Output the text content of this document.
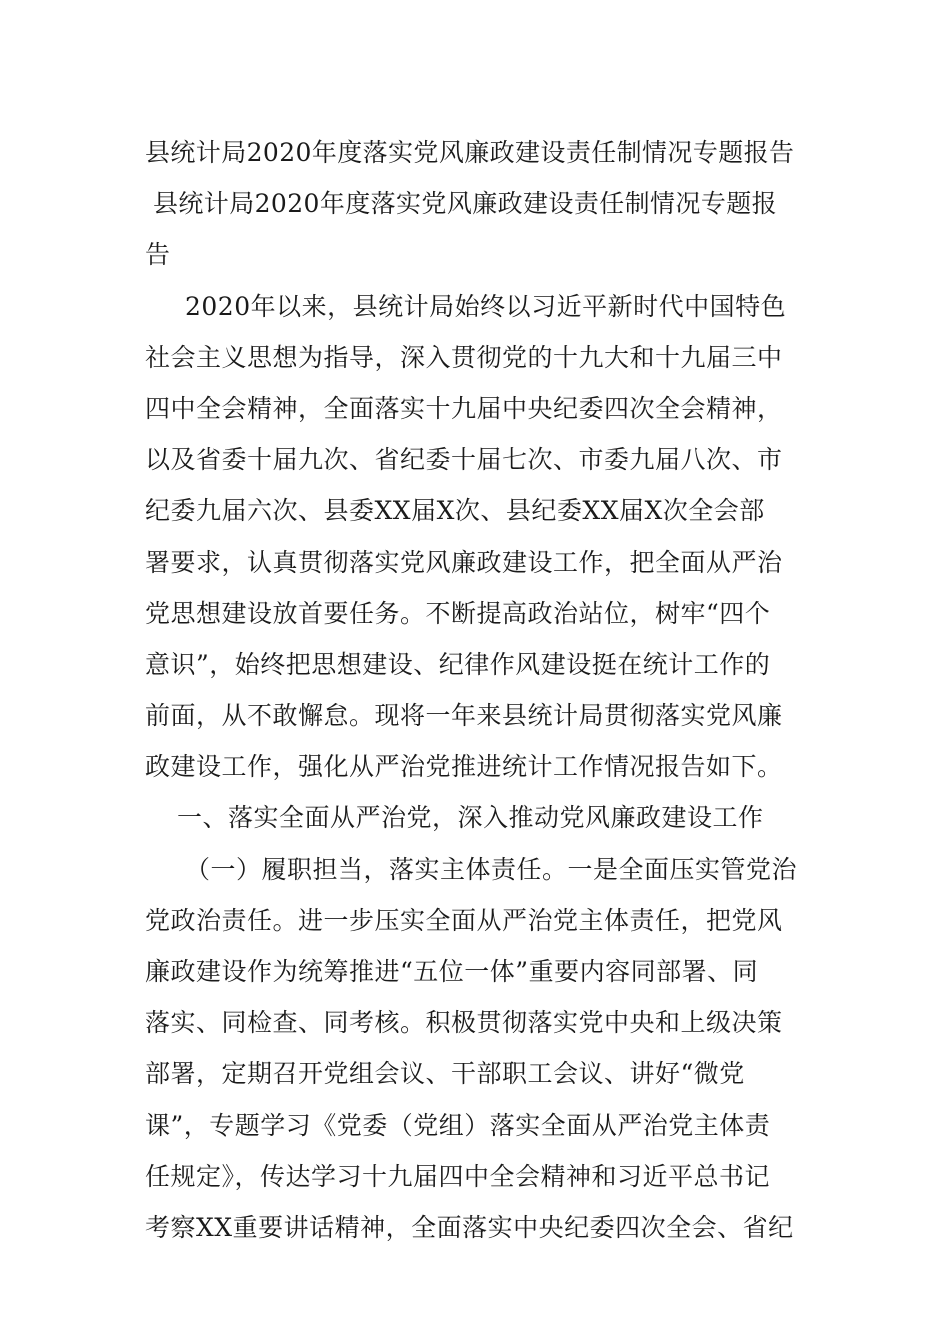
县统计局2020年度落实党风廉政建设责任制情况专题报告
县统计局2020年度落实党风廉政建设责任制情况专题报
告
2020年以来，县统计局始终以习近平新时代中国特色
社会主义思想为指导，深入贯彻党的十九大和十九届三中
四中全会精神，全面落实十九届中央纪委四次全会精神，
以及省委十届九次、省纪委十届七次、市委九届八次、市
纪委九届六次、县委XX届X次、县纪委XX届X次全会部
署要求，认真贯彻落实党风廉政建设工作，把全面从严治
党思想建设放首要任务。不断提高政治站位，树牢“四个
意识”，始终把思想建设、纪律作风建设挺在统计工作的
前面，从不敢懈怠。现将一年来县统计局贯彻落实党风廉
政建设工作，强化从严治党推进统计工作情况报告如下。
一、落实全面从严治党，深入推动党风廉政建设工作
（一）履职担当，落实主体责任。一是全面压实管党治
党政治责任。进一步压实全面从严治党主体责任，把党风
廉政建设作为统筹推进“五位一体”重要内容同部署、同
落实、同检查、同考核。积极贯彻落实党中央和上级决策
部署，定期召开党组会议、干部职工会议、讲好“微党
课”，专题学习《党委（党组）落实全面从严治党主体责
任规定》，传达学习十九届四中全会精神和习近平总书记
考察XX重要讲话精神，全面落实中央纪委四次全会、省纪
